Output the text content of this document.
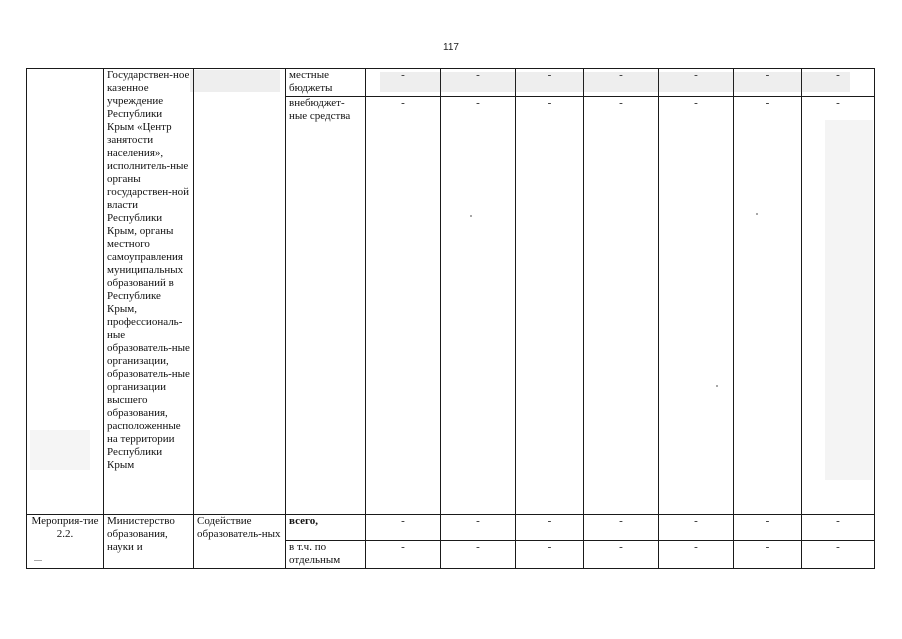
117
	Государствен-ное казенное учреждение Республики Крым «Центр занятости населения», исполнитель-ные органы государствен-ной власти Республики Крым, органы местного самоуправления муниципальных образований в Республике Крым, профессиональ-ные образователь-ные организации, образователь-ные организации высшего образования, расположенные на территории Республики Крым		местные бюджеты	-	-	-	-	-	-	-
			внебюджет-ные средства	-	-	-	-	-	-	-
Мероприя-тие 2.2.	Министерство образования, науки и	Содействие образователь-ных	всего,	-	-	-	-	-	-	-
			в т.ч. по отдельным	-	-	-	-	-	-	-
